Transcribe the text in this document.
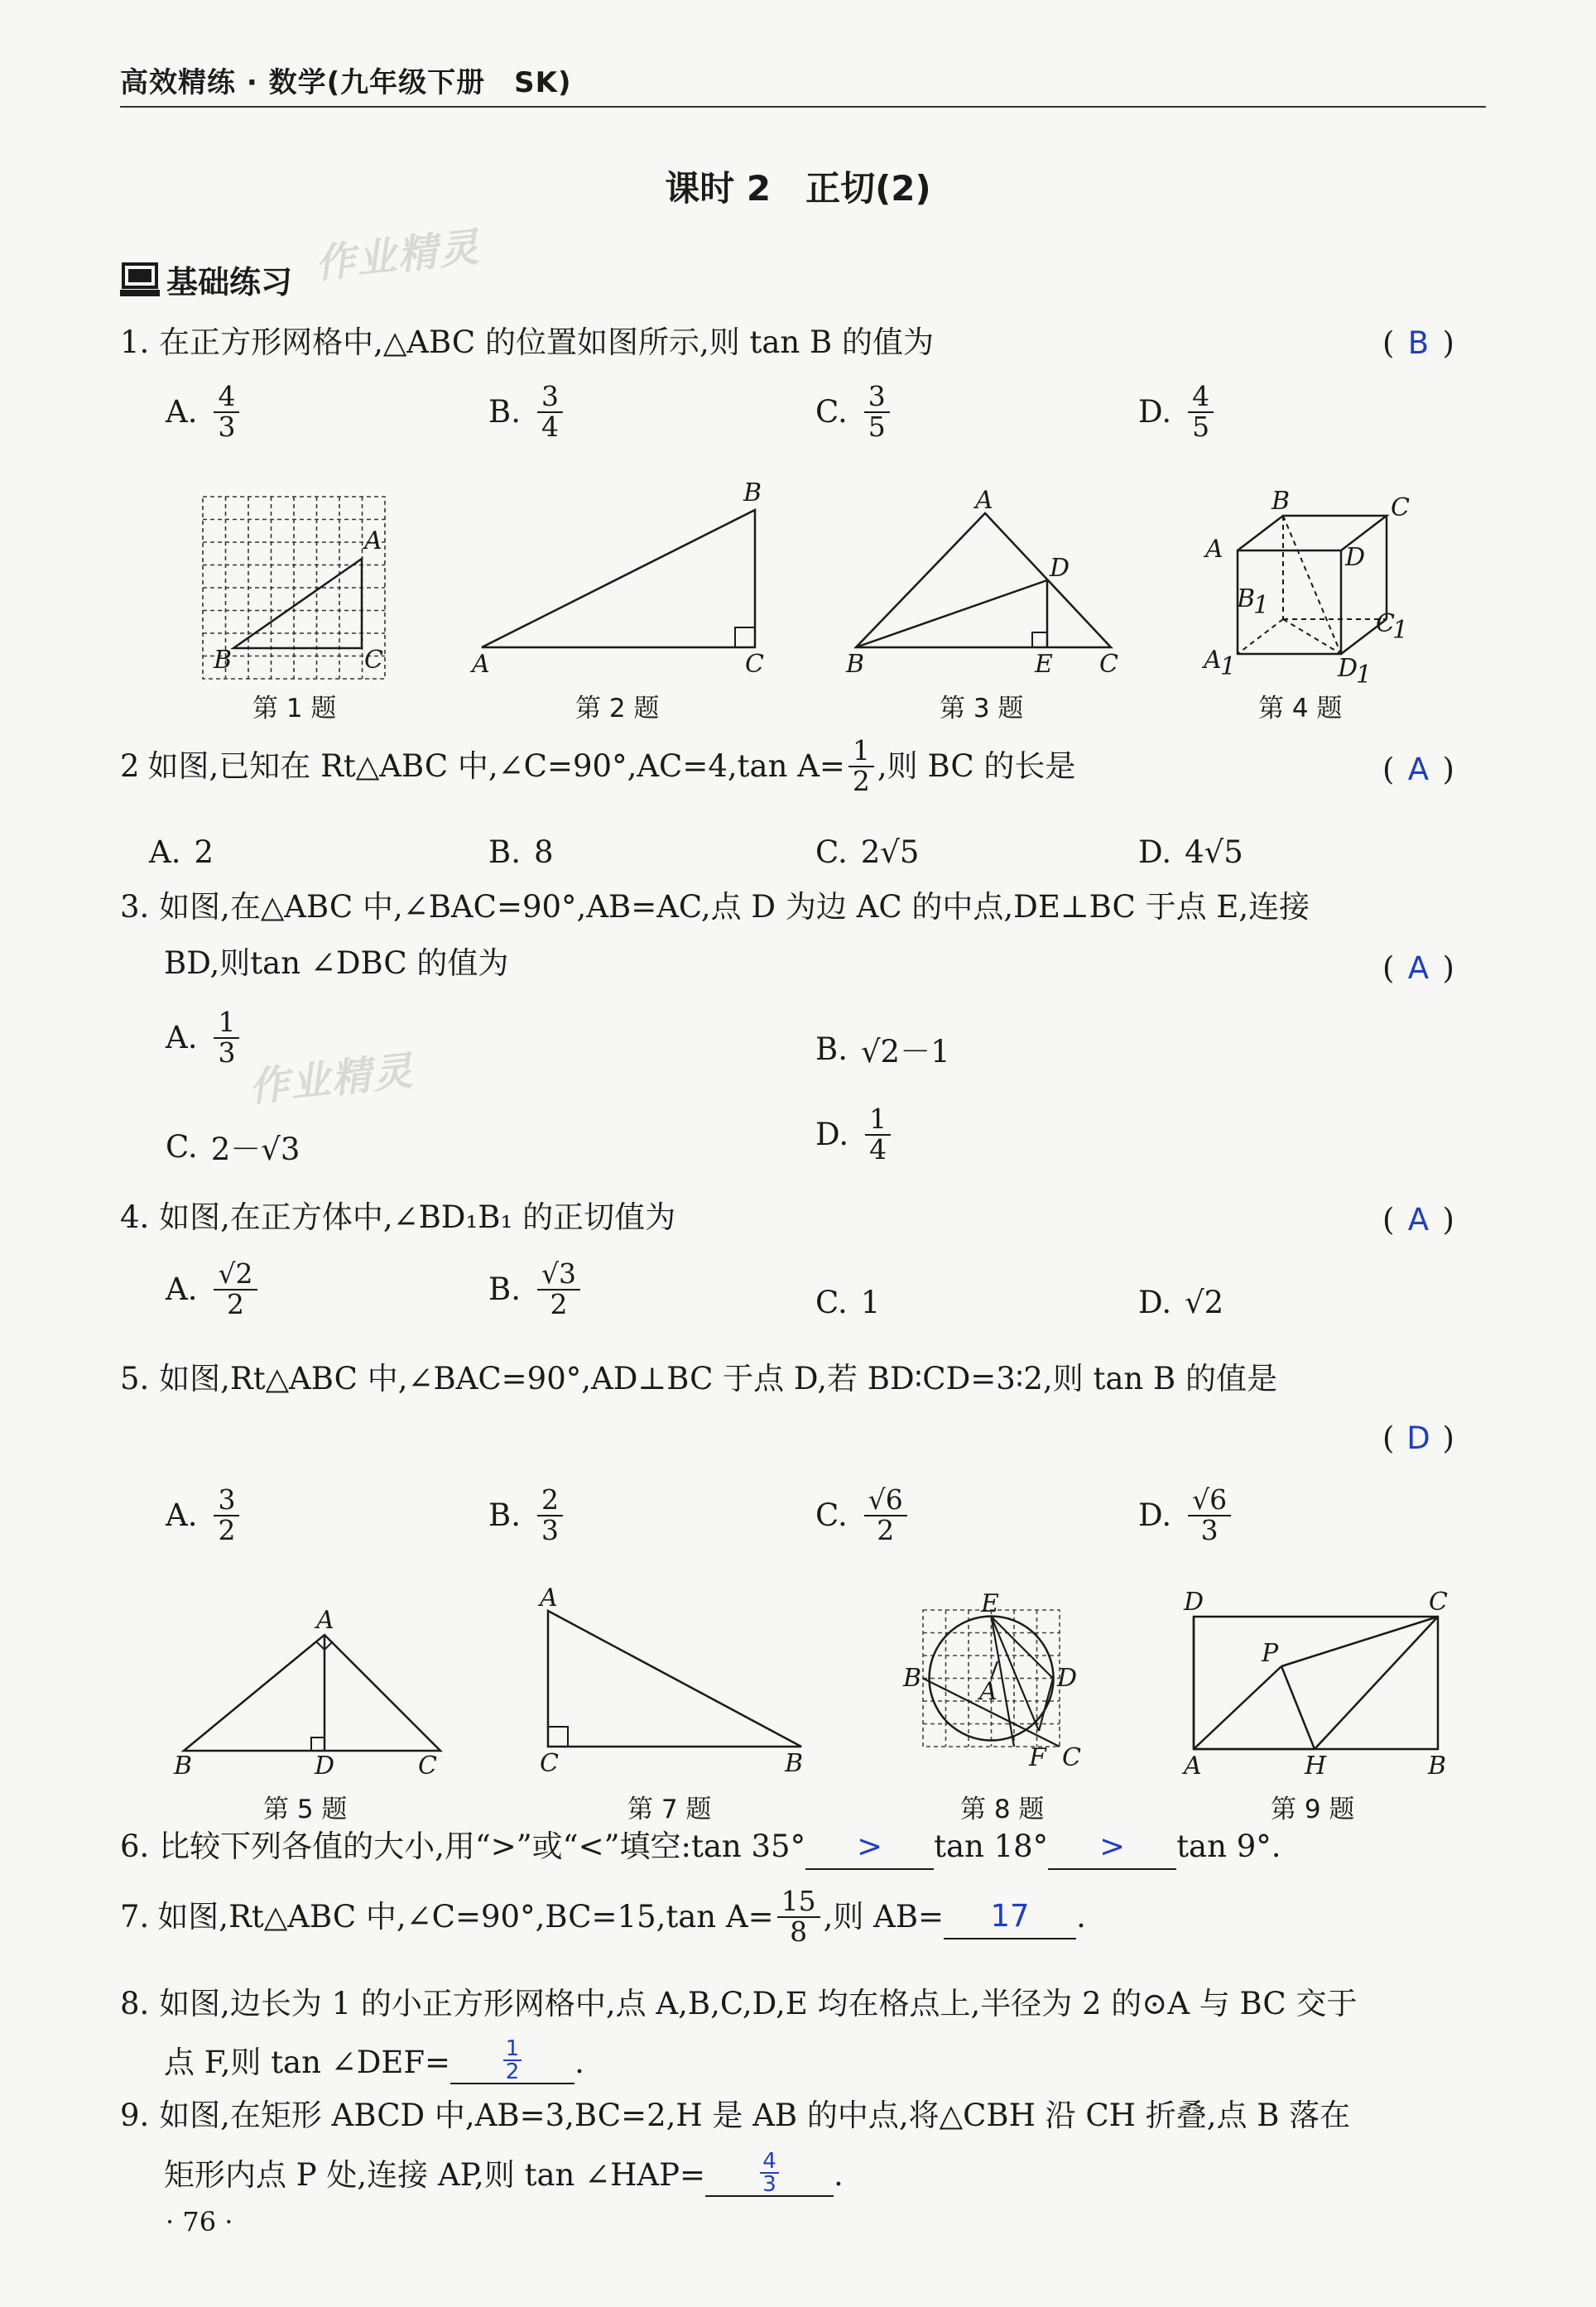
高效精练 · 数学(九年级下册　SK)
课时 2　正切(2)
基础练习 作业精灵
作业精灵
1. 在正方形网格中,△ABC 的位置如图所示,则 tan B 的值为	( B )
A. $\frac{4}{3}$	B. $\frac{3}{4}$	C. $\frac{3}{5}$	D. $\frac{4}{5}$
B
A
C
第 1 题
A
B
C
第 2 题
A
D
B	E C
第 3 题
B	C
A	D
B
1
C
1
A
1	D
1
第 4 题
2 如图,已知在 Rt△ABC 中,∠C=90°,AC=4,tan $A= \frac{1}{2}$ ,则 BC 的长是	( A )
A. 2	B. 8	C. 2√5	D. 4√5
3. 如图,在△ABC 中,∠BAC=90°,AB=AC,点 D 为边 AC 的中点,DE⊥BC 于点 E,连接
BD,则tan ∠DBC 的值为	( A )
A. $\frac{1}{3}$	B. √2－1
C. 2－√3	D. $\frac{1}{4}$
4. 如图,在正方体中,∠BD₁B₁ 的正切值为	( A )
A. $\frac{√2}{2}$	B. $\frac{√3}{2}$	C. 1	D. √2
5. 如图,Rt△ABC 中,∠BAC=90°,AD⊥BC 于点 D,若 BD∶CD=3∶2,则 tan B 的值是
( D )
A. $\frac{3}{2}$	B. $\frac{2}{3}$	C. $\frac{√6}{2}$	D. $\frac{√6}{3}$
A
B	D	C
第 5 题
A
C	B
第 7 题
E
B	D
A
F C
第 8 题
D	C
P
A	H	B
第 9 题
6. 比较下列各值的大小,用“>”或“<”填空:tan 35° > tan 18° > tan 9°.
7. 如图,Rt△ABC 中,∠C=90°,BC=15,tan $A= \frac{15}{8}$ ,则 AB=	17	.
8. 如图,边长为 1 的小正方形网格中,点 A,B,C,D,E 均在格点上,半径为 2 的⊙A 与 BC 交于
点 F,则 tan ∠DEF= $\frac{1}{2}$ .
9. 如图,在矩形 ABCD 中,AB=3,BC=2,H 是 AB 的中点,将△CBH 沿 CH 折叠,点 B 落在
矩形内点 P 处,连接 AP,则 tan ∠HAP=	$\frac{4}{3}$ .
· 76 ·
